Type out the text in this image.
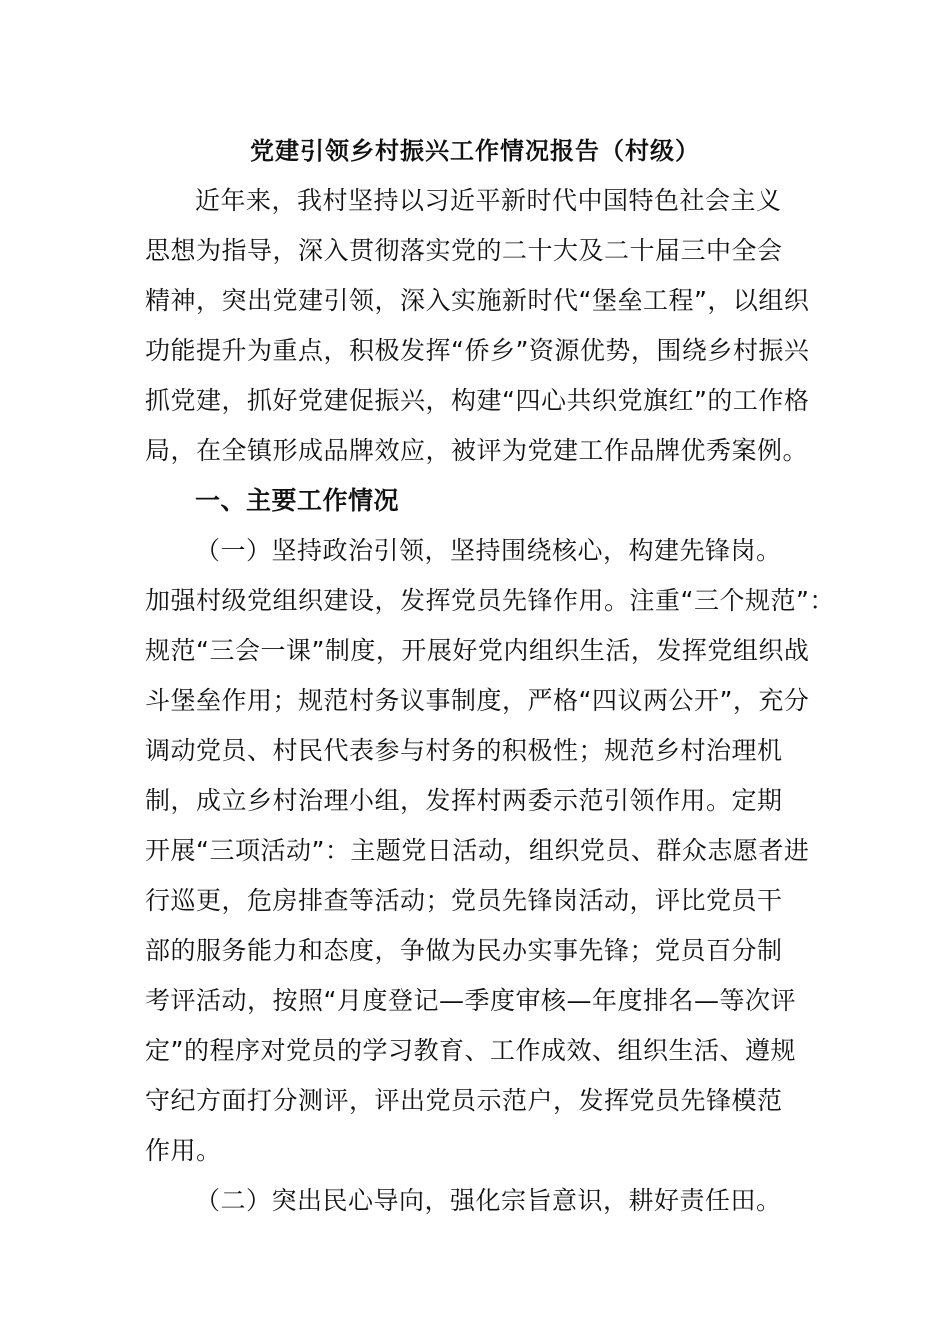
党建引领乡村振兴工作情况报告（村级）
近年来，我村坚持以习近平新时代中国特色社会主义
思想为指导，深入贯彻落实党的二十大及二十届三中全会
精神，突出党建引领，深入实施新时代“堡垒工程”，以组织
功能提升为重点，积极发挥“侨乡”资源优势，围绕乡村振兴
抓党建，抓好党建促振兴，构建“四心共织党旗红”的工作格
局，在全镇形成品牌效应，被评为党建工作品牌优秀案例。
一、主要工作情况
（一）坚持政治引领，坚持围绕核心，构建先锋岗。
加强村级党组织建设，发挥党员先锋作用。注重“三个规范”：
规范“三会一课”制度，开展好党内组织生活，发挥党组织战
斗堡垒作用；规范村务议事制度，严格“四议两公开”，充分
调动党员、村民代表参与村务的积极性；规范乡村治理机
制，成立乡村治理小组，发挥村两委示范引领作用。定期
开展“三项活动”：主题党日活动，组织党员、群众志愿者进
行巡更，危房排查等活动；党员先锋岗活动，评比党员干
部的服务能力和态度，争做为民办实事先锋；党员百分制
考评活动，按照“月度登记—季度审核—年度排名—等次评
定”的程序对党员的学习教育、工作成效、组织生活、遵规
守纪方面打分测评，评出党员示范户，发挥党员先锋模范
作用。
（二）突出民心导向，强化宗旨意识，耕好责任田。
